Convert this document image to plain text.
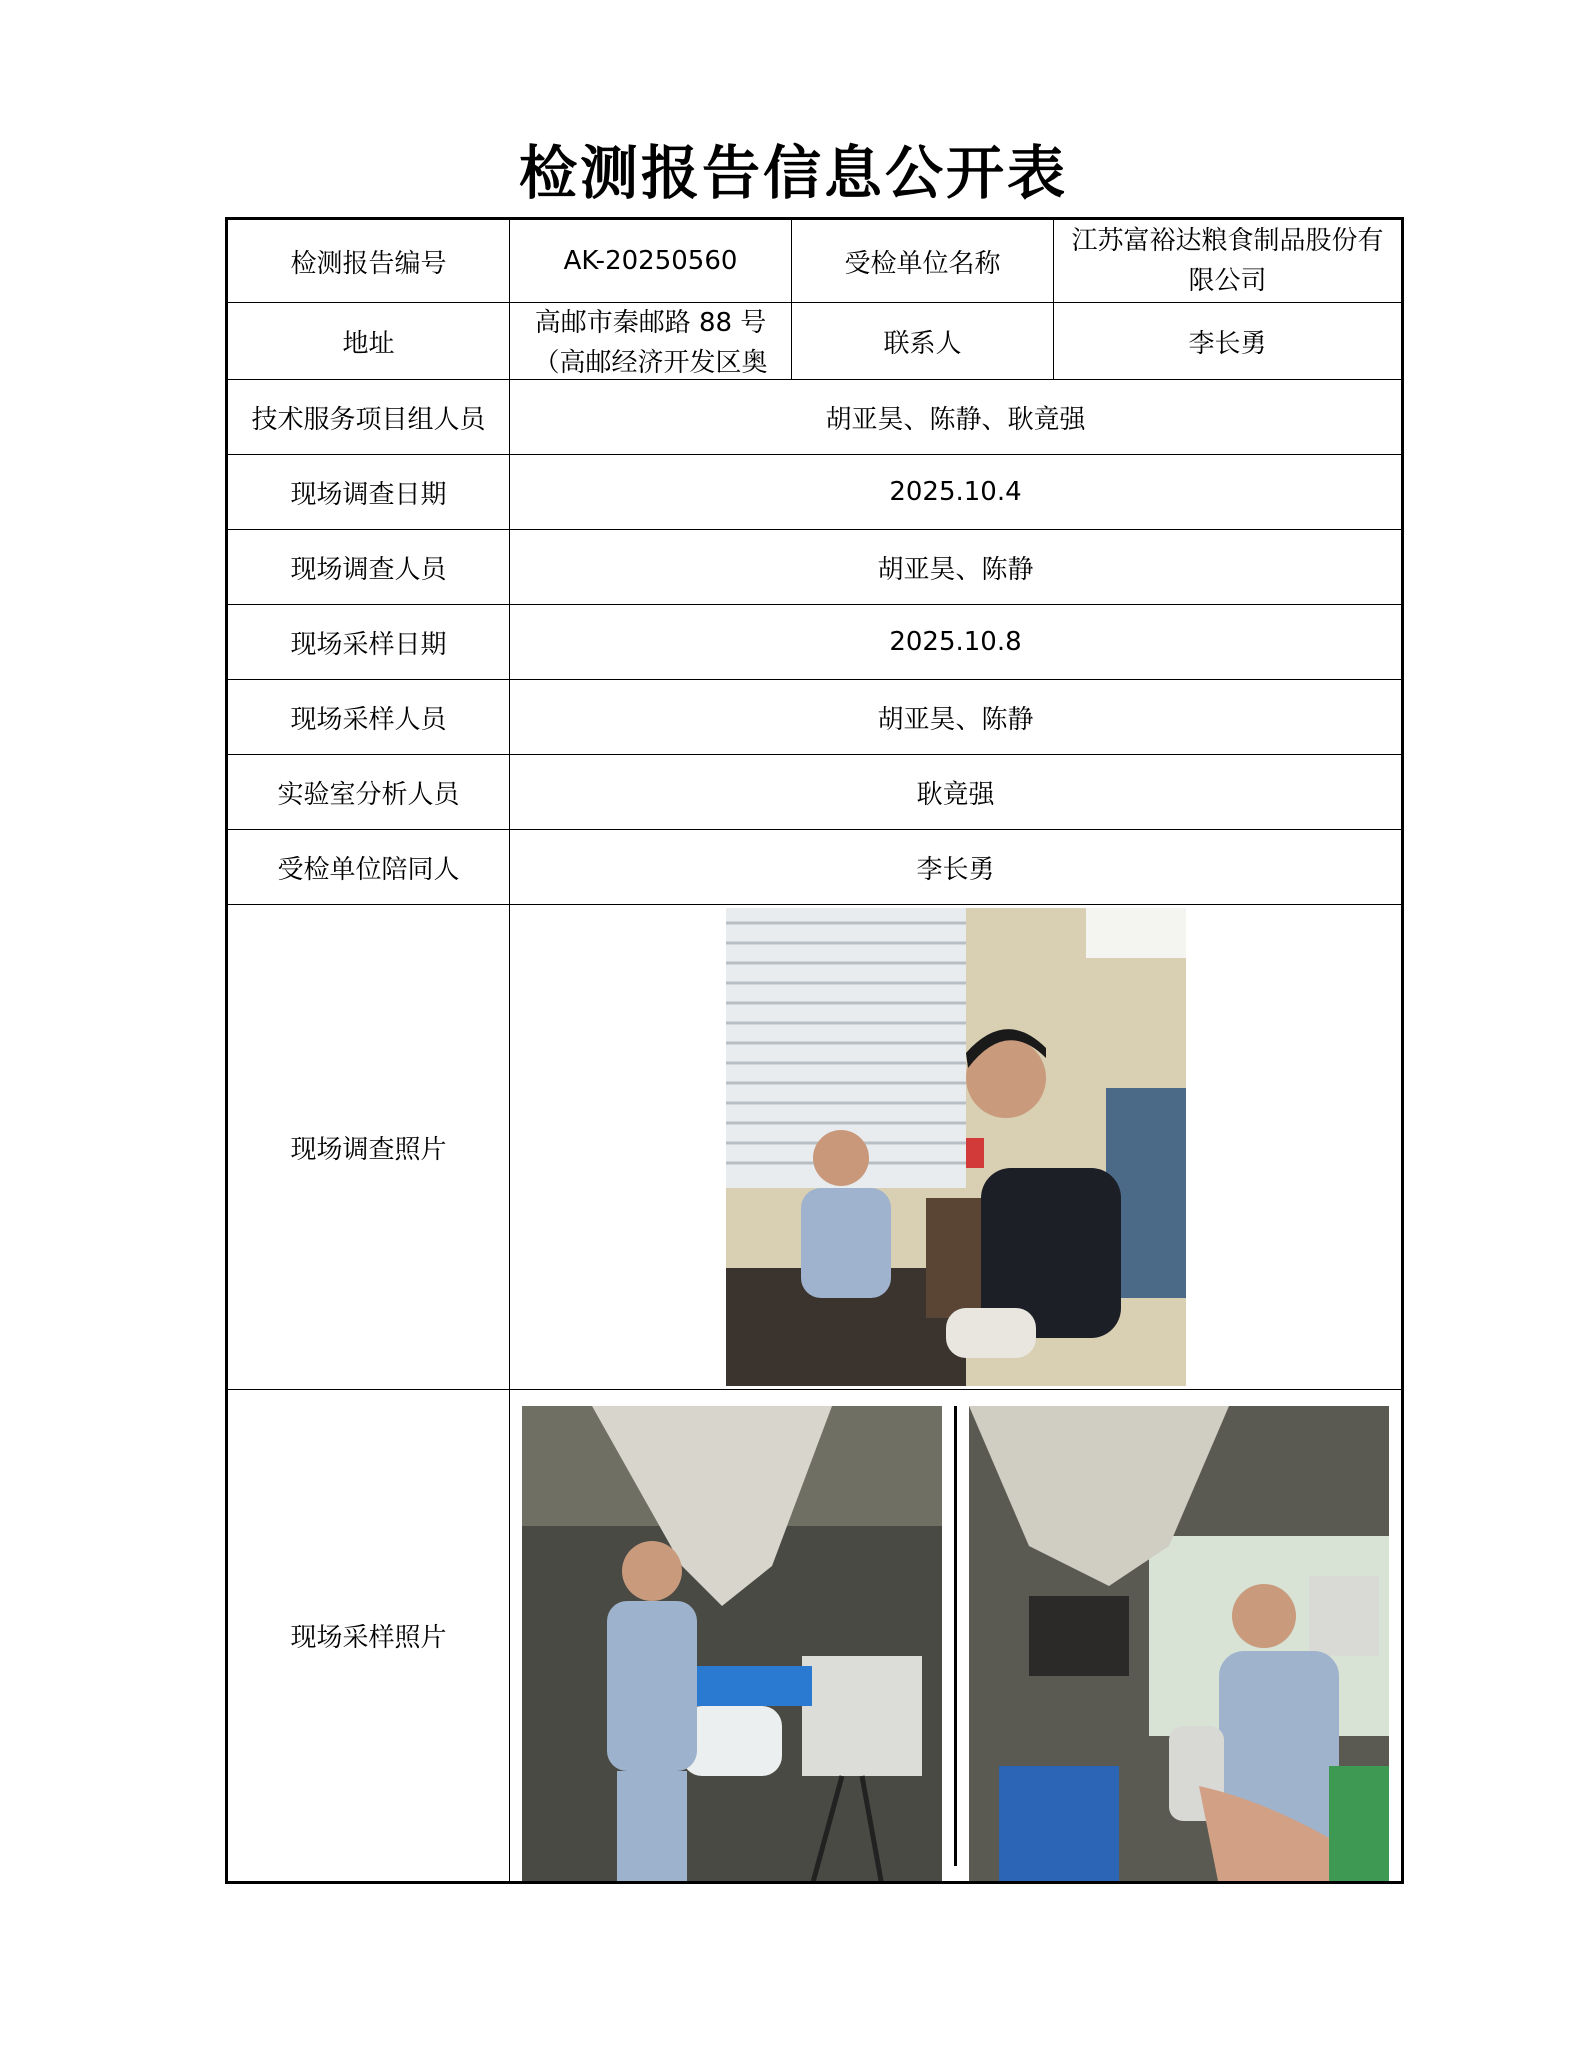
检测报告信息公开表
检测报告编号	AK-20250560	受检单位名称	江苏富裕达粮食制品股份有限公司
地址	高邮市秦邮路 88 号（高邮经济开发区奥	联系人	李长勇
技术服务项目组人员	胡亚昊、陈静、耿竟强		
现场调查日期	2025.10.4		
现场调查人员	胡亚昊、陈静		
现场采样日期	2025.10.8		
现场采样人员	胡亚昊、陈静		
实验室分析人员	耿竟强		
受检单位陪同人	李长勇		
现场调查照片	

现场采样照片	
